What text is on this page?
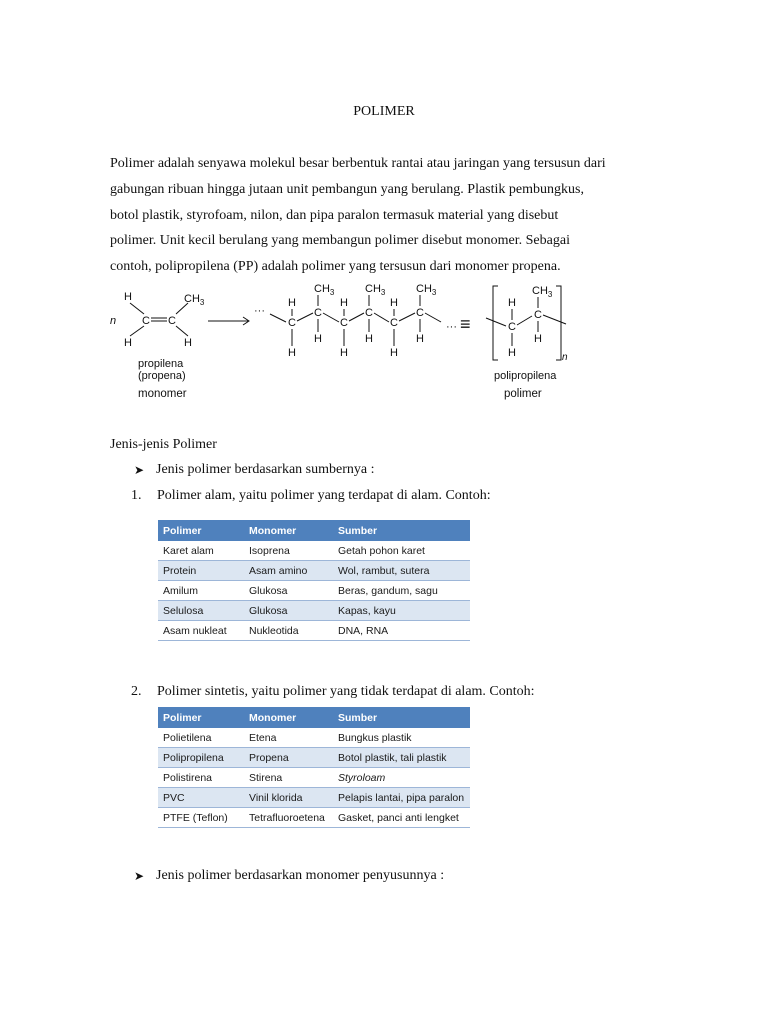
POLIMER
Polimer adalah senyawa molekul besar berbentuk rantai atau jaringan yang tersusun dari
gabungan ribuan hingga jutaan unit pembangun yang berulang. Plastik pembungkus,
botol plastik, styrofoam, nilon, dan pipa paralon termasuk material yang disebut
polimer. Unit kecil berulang yang membangun polimer disebut monomer. Sebagai
contoh, polipropilena (PP) adalah polimer yang tersusun dari monomer propena.
n
H
H
C C
$CH_3$
H
···
H
C
H
$CH_3$
C
H
H
C
H
$CH_3$
C
H
H
C
H
$CH_3$
C
H
··· ≡
H
C
H
$CH_3$
C
H
n
propilena
(propena)
monomer
polipropilena
polimer
Jenis-jenis Polimer
➤ Jenis polimer berdasarkan sumbernya :
1. Polimer alam, yaitu polimer yang terdapat di alam. Contoh:
Polimer	Monomer	Sumber
Karet alam	Isoprena	Getah pohon karet
Protein	Asam amino	Wol, rambut, sutera
Amilum	Glukosa	Beras, gandum, sagu
Selulosa	Glukosa	Kapas, kayu
Asam nukleat	Nukleotida	DNA, RNA
2. Polimer sintetis, yaitu polimer yang tidak terdapat di alam. Contoh:
Polimer	Monomer	Sumber
Polietilena	Etena	Bungkus plastik
Polipropilena	Propena	Botol plastik, tali plastik
Polistirena	Stirena	Styroloam
PVC	Vinil klorida	Pelapis lantai, pipa paralon
PTFE (Teflon)	Tetrafluoroetena	Gasket, panci anti lengket
➤ Jenis polimer berdasarkan monomer penyusunnya :
